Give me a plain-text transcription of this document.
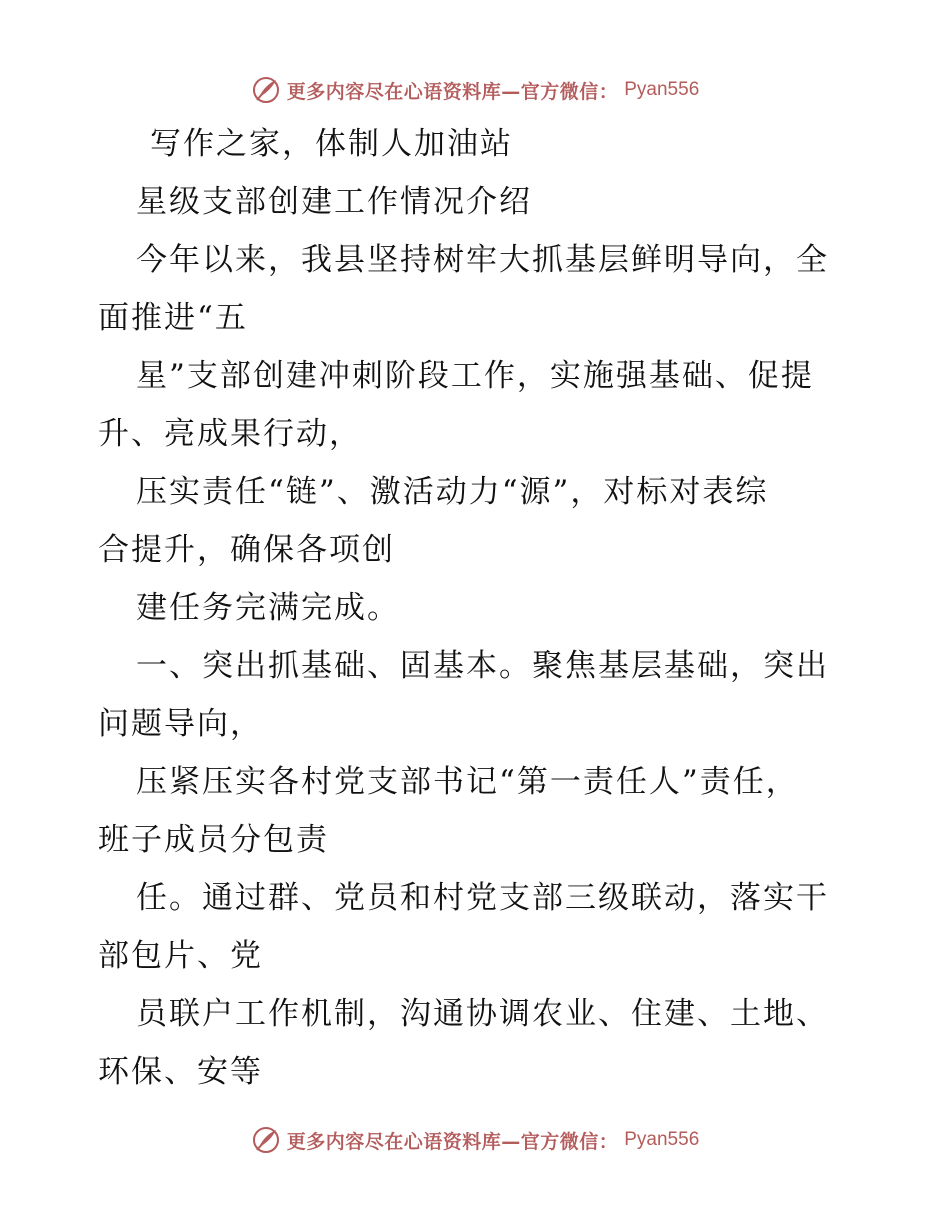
更多内容尽在心语资料库—官方微信： Pyan556
写作之家，体制人加油站
星级支部创建工作情况介绍
今年以来，我县坚持树牢大抓基层鲜明导向，全
面推进“五
星”支部创建冲刺阶段工作，实施强基础、促提
升、亮成果行动，
压实责任“链”、激活动力“源”，对标对表综
合提升，确保各项创
建任务完满完成。
一、突出抓基础、固基本。聚焦基层基础，突出
问题导向，
压紧压实各村党支部书记“第一责任人”责任，
班子成员分包责
任。通过群、党员和村党支部三级联动，落实干
部包片、党
员联户工作机制，沟通协调农业、住建、土地、
环保、安等
更多内容尽在心语资料库—官方微信： Pyan556
